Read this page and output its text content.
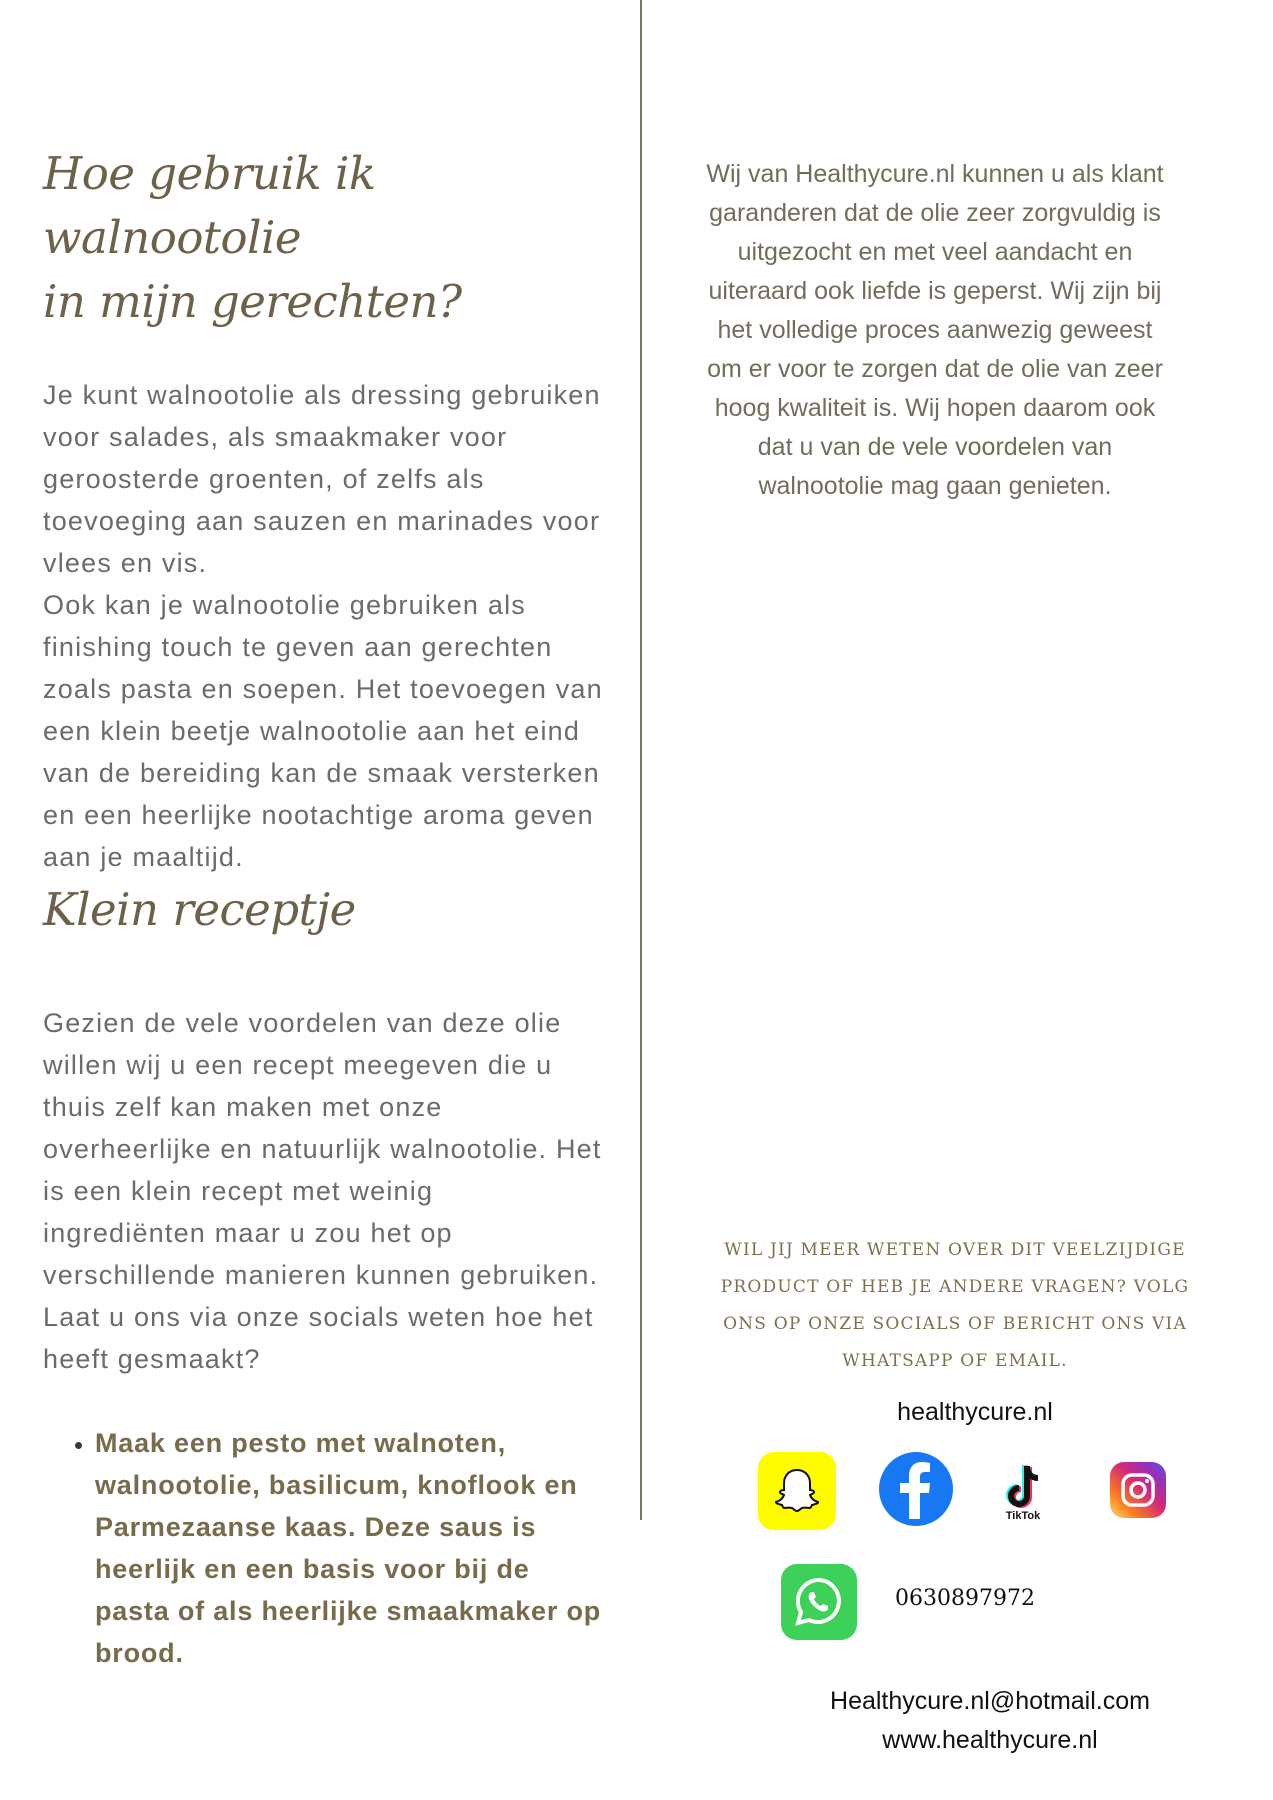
Hoe gebruik ik walnootolie
in mijn gerechten?

Je kunt walnootolie als dressing gebruiken voor salades, als smaakmaker voor geroosterde groenten, of zelfs als toevoeging aan sauzen en marinades voor vlees en vis.

Ook kan je walnootolie gebruiken als finishing touch te geven aan gerechten zoals pasta en soepen. Het toevoegen van een klein beetje walnootolie aan het eind van de bereiding kan de smaak versterken en een heerlijke nootachtige aroma geven aan je maaltijd.

Klein receptje

Gezien de vele voordelen van deze olie willen wij u een recept meegeven die u thuis zelf kan maken met onze overheerlijke en natuurlijk walnootolie. Het is een klein recept met weinig ingrediënten maar u zou het op verschillende manieren kunnen gebruiken. Laat u ons via onze socials weten hoe het heeft gesmaakt?

• Maak een pesto met walnoten, walnootolie, basilicum, knoflook en Parmezaanse kaas. Deze saus is heerlijk en een basis voor bij de pasta of als heerlijke smaakmaker op brood.

Wij van Healthycure.nl kunnen u als klant garanderen dat de olie zeer zorgvuldig is uitgezocht en met veel aandacht en uiteraard ook liefde is geperst. Wij zijn bij het volledige proces aanwezig geweest om er voor te zorgen dat de olie van zeer hoog kwaliteit is. Wij hopen daarom ook dat u van de vele voordelen van walnootolie mag gaan genieten.

WIL JIJ MEER WETEN OVER DIT VEELZIJDIGE PRODUCT OF HEB JE ANDERE VRAGEN? VOLG ONS OP ONZE SOCIALS OF BERICHT ONS VIA WHATSAPP OF EMAIL.

healthycure.nl
TikTok
0630897972
Healthycure.nl@hotmail.com
www.healthycure.nl
